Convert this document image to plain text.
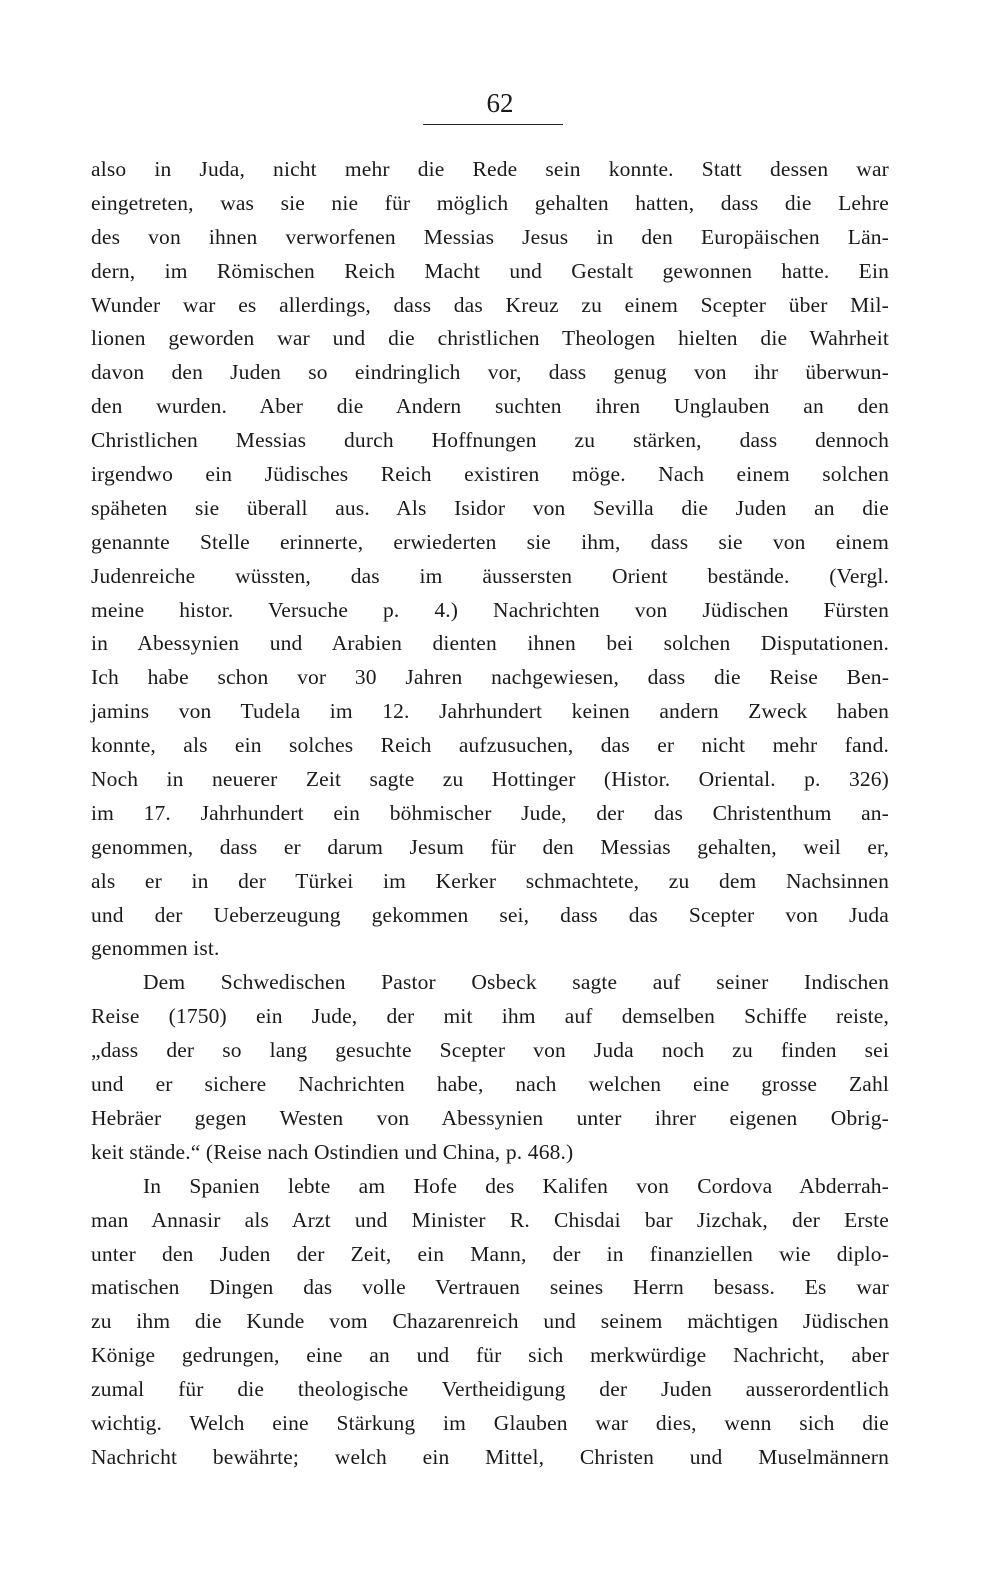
62
also in Juda, nicht mehr die Rede sein konnte. Statt dessen war
eingetreten, was sie nie für möglich gehalten hatten, dass die Lehre
des von ihnen verworfenen Messias Jesus in den Europäischen Län-
dern, im Römischen Reich Macht und Gestalt gewonnen hatte. Ein
Wunder war es allerdings, dass das Kreuz zu einem Scepter über Mil-
lionen geworden war und die christlichen Theologen hielten die Wahrheit
davon den Juden so eindringlich vor, dass genug von ihr überwun-
den wurden. Aber die Andern suchten ihren Unglauben an den
Christlichen Messias durch Hoffnungen zu stärken, dass dennoch
irgendwo ein Jüdisches Reich existiren möge. Nach einem solchen
späheten sie überall aus. Als Isidor von Sevilla die Juden an die
genannte Stelle erinnerte, erwiederten sie ihm, dass sie von einem
Judenreiche wüssten, das im äussersten Orient bestände. (Vergl.
meine histor. Versuche p. 4.) Nachrichten von Jüdischen Fürsten
in Abessynien und Arabien dienten ihnen bei solchen Disputationen.
Ich habe schon vor 30 Jahren nachgewiesen, dass die Reise Ben-
jamins von Tudela im 12. Jahrhundert keinen andern Zweck haben
konnte, als ein solches Reich aufzusuchen, das er nicht mehr fand.
Noch in neuerer Zeit sagte zu Hottinger (Histor. Oriental. p. 326)
im 17. Jahrhundert ein böhmischer Jude, der das Christenthum an-
genommen, dass er darum Jesum für den Messias gehalten, weil er,
als er in der Türkei im Kerker schmachtete, zu dem Nachsinnen
und der Ueberzeugung gekommen sei, dass das Scepter von Juda
genommen ist.
Dem Schwedischen Pastor Osbeck sagte auf seiner Indischen
Reise (1750) ein Jude, der mit ihm auf demselben Schiffe reiste,
„dass der so lang gesuchte Scepter von Juda noch zu finden sei
und er sichere Nachrichten habe, nach welchen eine grosse Zahl
Hebräer gegen Westen von Abessynien unter ihrer eigenen Obrig-
keit stände.“ (Reise nach Ostindien und China, p. 468.)
In Spanien lebte am Hofe des Kalifen von Cordova Abderrah-
man Annasir als Arzt und Minister R. Chisdai bar Jizchak, der Erste
unter den Juden der Zeit, ein Mann, der in finanziellen wie diplo-
matischen Dingen das volle Vertrauen seines Herrn besass. Es war
zu ihm die Kunde vom Chazarenreich und seinem mächtigen Jüdischen
Könige gedrungen, eine an und für sich merkwürdige Nachricht, aber
zumal für die theologische Vertheidigung der Juden ausserordentlich
wichtig. Welch eine Stärkung im Glauben war dies, wenn sich die
Nachricht bewährte; welch ein Mittel, Christen und Muselmännern
